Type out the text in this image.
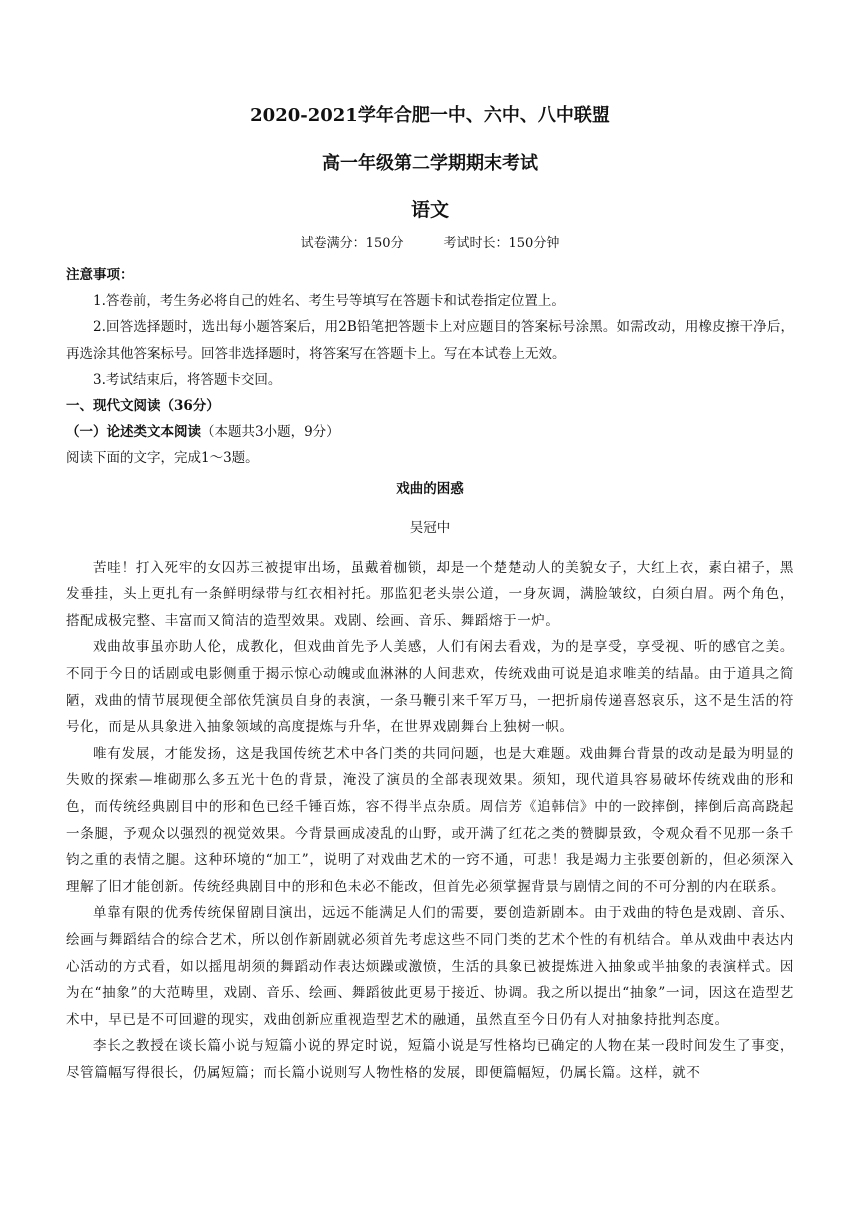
2020-2021学年合肥一中、六中、八中联盟

高一年级第二学期期末考试

语文

试卷满分：150分	考试时长：150分钟

注意事项：

1.答卷前，考生务必将自己的姓名、考生号等填写在答题卡和试卷指定位置上。

2.回答选择题时，选出每小题答案后，用2B铅笔把答题卡上对应题目的答案标号涂黑。如需改动，用橡皮擦干净后，再选涂其他答案标号。回答非选择题时，将答案写在答题卡上。写在本试卷上无效。

3.考试结束后，将答题卡交回。

一、现代文阅读（36分）

（一）论述类文本阅读（本题共3小题，9分）

阅读下面的文字，完成1～3题。

戏曲的困惑

吴冠中

苦哇！打入死牢的女囚苏三被提审出场，虽戴着枷锁，却是一个楚楚动人的美貌女子，大红上衣，素白裙子，黑发垂挂，头上更扎有一条鲜明绿带与红衣相衬托。那监犯老头崇公道，一身灰调，满脸皱纹，白须白眉。两个角色，搭配成极完整、丰富而又简洁的造型效果。戏剧、绘画、音乐、舞蹈熔于一炉。

戏曲故事虽亦助人伦，成教化，但戏曲首先予人美感，人们有闲去看戏，为的是享受，享受视、听的感官之美。不同于今日的话剧或电影侧重于揭示惊心动魄或血淋淋的人间悲欢，传统戏曲可说是追求唯美的结晶。由于道具之简陋，戏曲的情节展现便全部依凭演员自身的表演，一条马鞭引来千军万马，一把折扇传递喜怒哀乐，这不是生活的符号化，而是从具象进入抽象领域的高度提炼与升华，在世界戏剧舞台上独树一帜。

唯有发展，才能发扬，这是我国传统艺术中各门类的共同问题，也是大难题。戏曲舞台背景的改动是最为明显的失败的探索—堆砌那么多五光十色的背景，淹没了演员的全部表现效果。须知，现代道具容易破坏传统戏曲的形和色，而传统经典剧目中的形和色已经千锤百炼，容不得半点杂质。周信芳《追韩信》中的一跤摔倒，摔倒后高高跷起一条腿，予观众以强烈的视觉效果。今背景画成凌乱的山野，或开满了红花之类的赞脚景致，令观众看不见那一条千钧之重的表情之腿。这种环境的“加工”，说明了对戏曲艺术的一窍不通，可悲！我是竭力主张要创新的，但必须深入理解了旧才能创新。传统经典剧目中的形和色未必不能改，但首先必须掌握背景与剧情之间的不可分割的内在联系。

单靠有限的优秀传统保留剧目演出，远远不能满足人们的需要，要创造新剧本。由于戏曲的特色是戏剧、音乐、绘画与舞蹈结合的综合艺术，所以创作新剧就必须首先考虑这些不同门类的艺术个性的有机结合。单从戏曲中表达内心活动的方式看，如以摇甩胡须的舞蹈动作表达烦躁或激愤，生活的具象已被提炼进入抽象或半抽象的表演样式。因为在“抽象”的大范畴里，戏剧、音乐、绘画、舞蹈彼此更易于接近、协调。我之所以提出“抽象”一词，因这在造型艺术中，早已是不可回避的现实，戏曲创新应重视造型艺术的融通，虽然直至今日仍有人对抽象持批判态度。

李长之教授在谈长篇小说与短篇小说的界定时说，短篇小说是写性格均已确定的人物在某一段时间发生了事变，尽管篇幅写得很长，仍属短篇；而长篇小说则写人物性格的发展，即便篇幅短，仍属长篇。这样，就不
